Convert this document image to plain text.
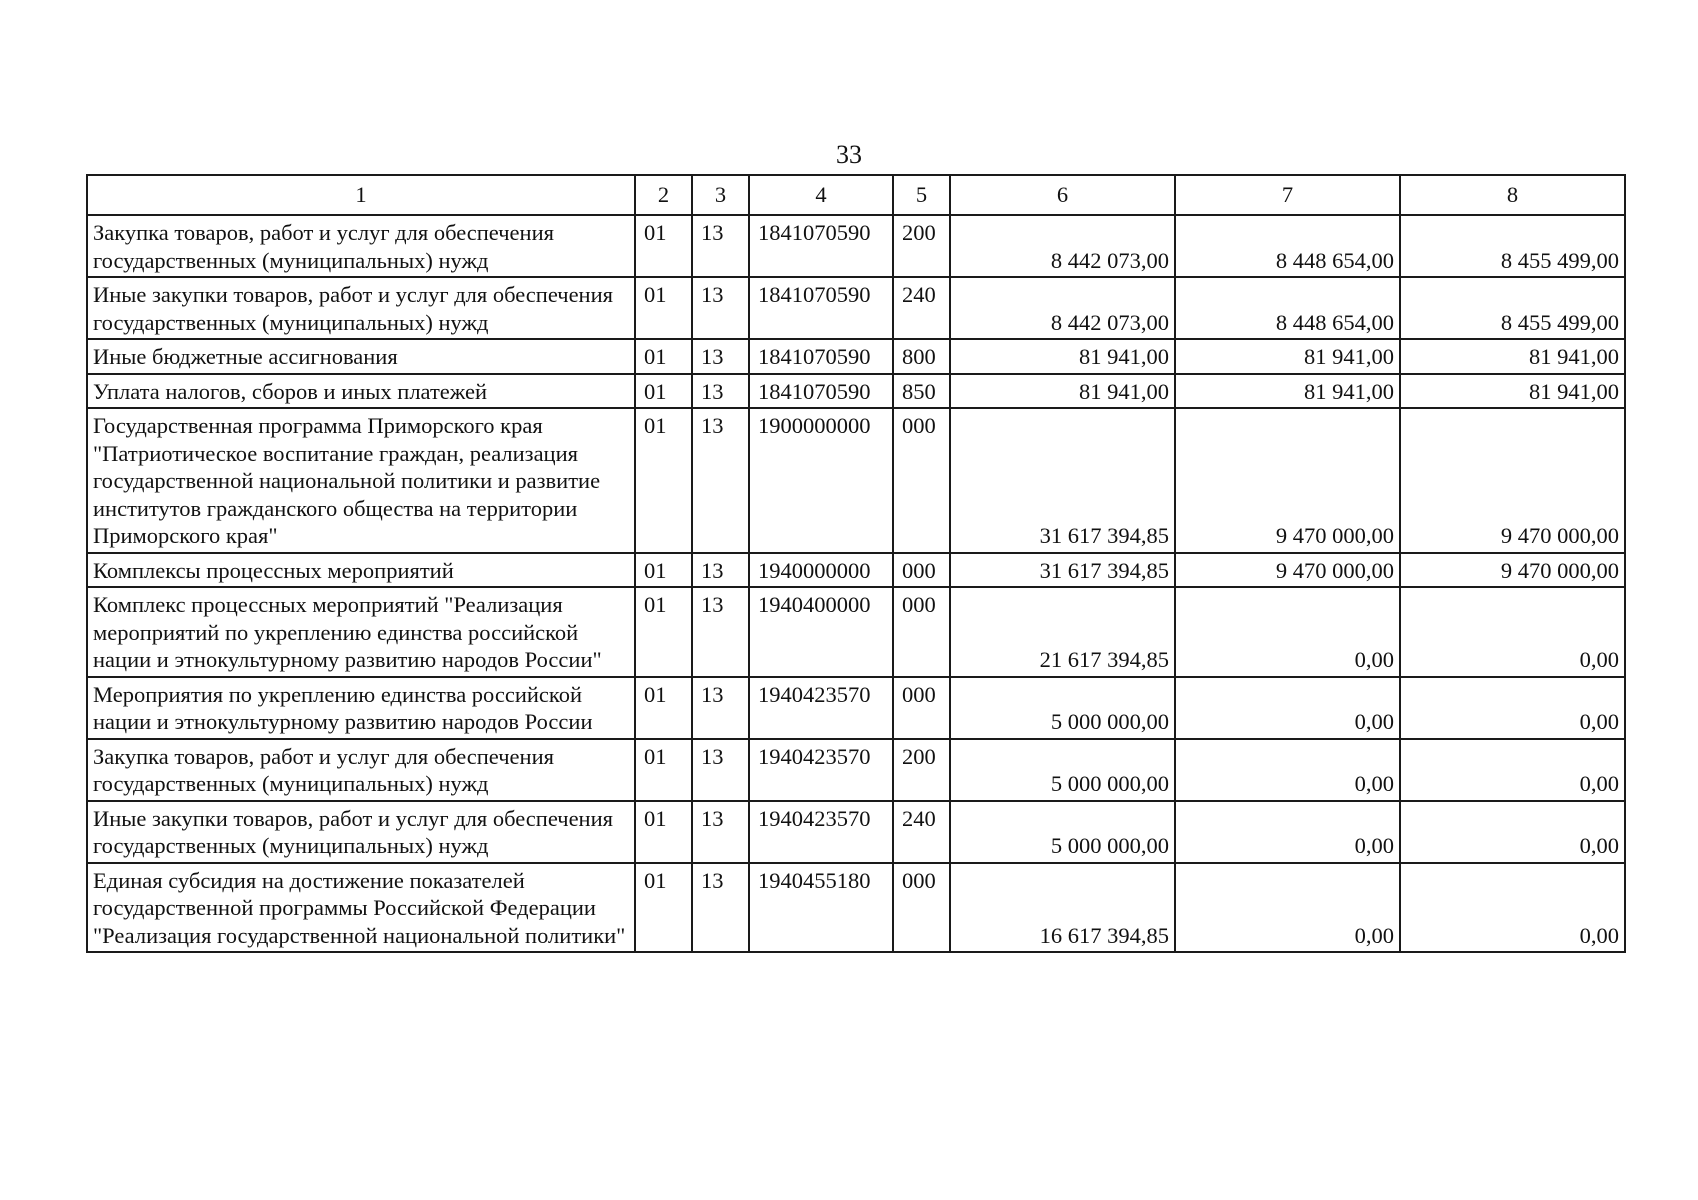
33
1	2	3	4	5	6	7	8
Закупка товаров, работ и услуг для обеспечения государственных (муниципальных) нужд	01	13	1841070590	200	8 442 073,00	8 448 654,00	8 455 499,00
Иные закупки товаров, работ и услуг для обеспечения государственных (муниципальных) нужд	01	13	1841070590	240	8 442 073,00	8 448 654,00	8 455 499,00
Иные бюджетные ассигнования	01	13	1841070590	800	81 941,00	81 941,00	81 941,00
Уплата налогов, сборов и иных платежей	01	13	1841070590	850	81 941,00	81 941,00	81 941,00
Государственная программа Приморского края "Патриотическое воспитание граждан, реализация государственной национальной политики и развитие институтов гражданского общества на территории Приморского края"	01	13	1900000000	000	31 617 394,85	9 470 000,00	9 470 000,00
Комплексы процессных мероприятий	01	13	1940000000	000	31 617 394,85	9 470 000,00	9 470 000,00
Комплекс процессных мероприятий "Реализация мероприятий по укреплению единства российской нации и этнокультурному развитию народов России"	01	13	1940400000	000	21 617 394,85	0,00	0,00
Мероприятия по укреплению единства российской нации и этнокультурному развитию народов России	01	13	1940423570	000	5 000 000,00	0,00	0,00
Закупка товаров, работ и услуг для обеспечения государственных (муниципальных) нужд	01	13	1940423570	200	5 000 000,00	0,00	0,00
Иные закупки товаров, работ и услуг для обеспечения государственных (муниципальных) нужд	01	13	1940423570	240	5 000 000,00	0,00	0,00
Единая субсидия на достижение показателей государственной программы Российской Федерации "Реализация государственной национальной политики"	01	13	1940455180	000	16 617 394,85	0,00	0,00
